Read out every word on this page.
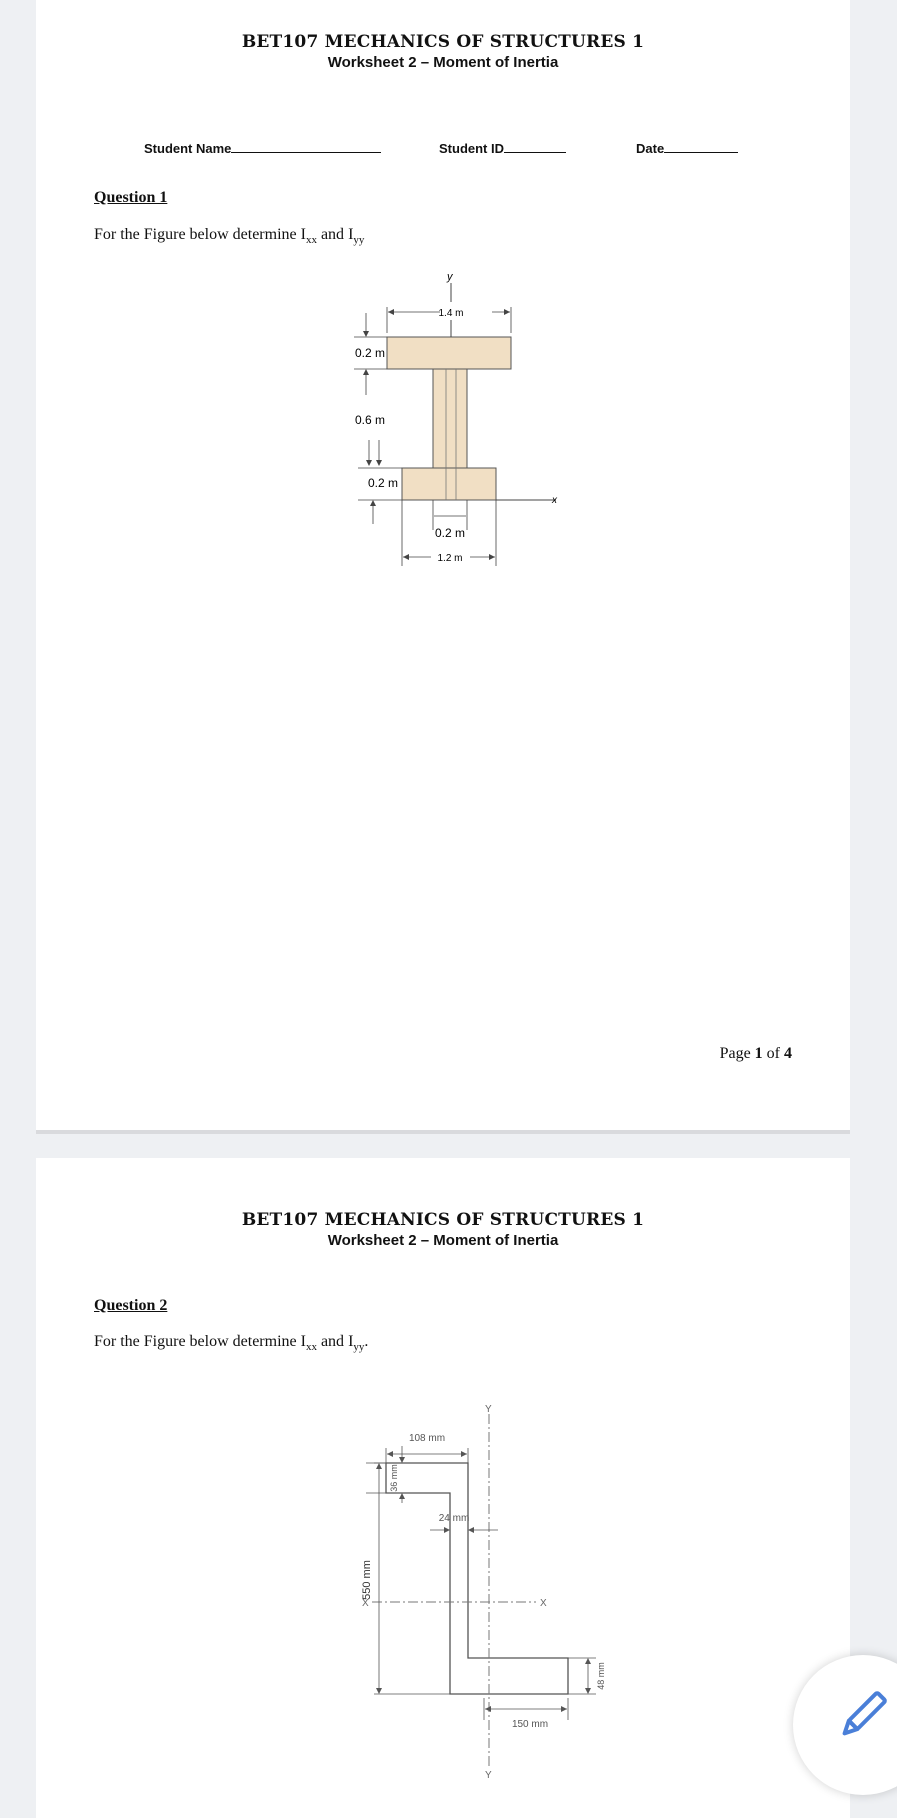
BET107 MECHANICS OF STRUCTURES 1
Worksheet 2 – Moment of Inertia
Student Name	Student ID	Date
Question 1
For the Figure below determine $I_{xx}$ and $I_{yy}$
y
x
1.4 m
0.2 m
0.6 m
0.2 m
0.2 m
1.2 m
Page 1 of 4
BET107 MECHANICS OF STRUCTURES 1
Worksheet 2 – Moment of Inertia
Question 2
For the Figure below determine $I_{xx}$ and $I_{yy}$.
Y
Y
X	X
108 mm
36 mm
24 mm
550 mm
48 mm
150 mm
